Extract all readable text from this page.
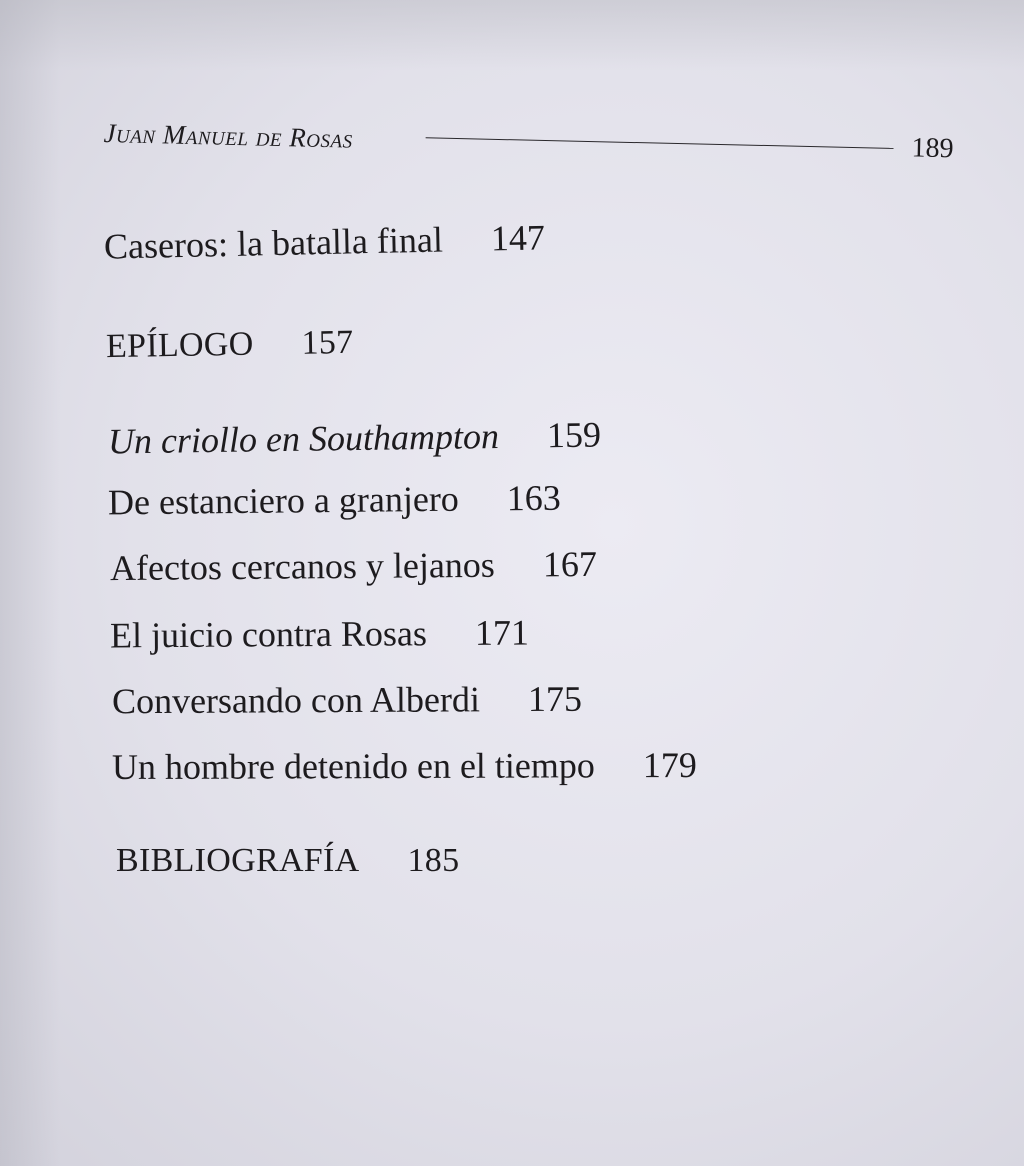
Juan Manuel de Rosas	189
Caseros: la batalla final 147
EPÍLOGO 157
Un criollo en Southampton 159
De estanciero a granjero 163
Afectos cercanos y lejanos 167
El juicio contra Rosas 171
Conversando con Alberdi 175
Un hombre detenido en el tiempo 179
BIBLIOGRAFÍA 185
